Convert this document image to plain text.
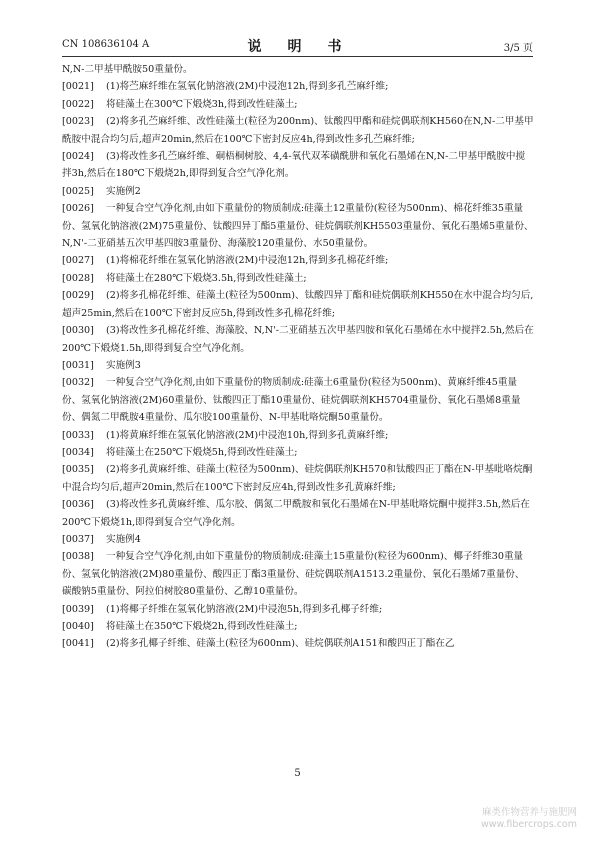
CN 108636104 A	说　明　书	3/5 页

N,N-二甲基甲酰胺50重量份。

[0021] (1)将苎麻纤维在氢氧化钠溶液(2M)中浸泡12h,得到多孔苎麻纤维;

[0022] 将硅藻土在300℃下煅烧3h,得到改性硅藻土;

[0023] (2)将多孔苎麻纤维、改性硅藻土(粒径为200nm)、钛酸四甲酯和硅烷偶联剂KH560在N,N-二甲基甲酰胺中混合均匀后,超声20min,然后在100℃下密封反应4h,得到改性多孔苎麻纤维;

[0024] (3)将改性多孔苎麻纤维、硐梧桐树胶、4,4-氧代双苯磺酰肼和氧化石墨烯在N,N-二甲基甲酰胺中搅拌3h,然后在180℃下煅烧2h,即得到复合空气净化剂。

[0025] 实施例2

[0026] 一种复合空气净化剂,由如下重量份的物质制成:硅藻土12重量份(粒径为500nm)、棉花纤维35重量份、氢氧化钠溶液(2M)75重量份、钛酸四异丁酯5重量份、硅烷偶联剂KH5503重量份、氧化石墨烯5重量份、N,N'-二亚硝基五次甲基四胺3重量份、海藻胶120重量份、水50重量份。

[0027] (1)将棉花纤维在氢氧化钠溶液(2M)中浸泡12h,得到多孔棉花纤维;

[0028] 将硅藻土在280℃下煅烧3.5h,得到改性硅藻土;

[0029] (2)将多孔棉花纤维、硅藻土(粒径为500nm)、钛酸四异丁酯和硅烷偶联剂KH550在水中混合均匀后,超声25min,然后在100℃下密封反应5h,得到改性多孔棉花纤维;

[0030] (3)将改性多孔棉花纤维、海藻胶、N,N'-二亚硝基五次甲基四胺和氧化石墨烯在水中搅拌2.5h,然后在200℃下煅烧1.5h,即得到复合空气净化剂。

[0031] 实施例3

[0032] 一种复合空气净化剂,由如下重量份的物质制成:硅藻土6重量份(粒径为500nm)、黄麻纤维45重量份、氢氧化钠溶液(2M)60重量份、钛酸四正丁酯10重量份、硅烷偶联剂KH5704重量份、氧化石墨烯8重量份、偶氮二甲酰胺4重量份、瓜尔胶100重量份、N-甲基吡咯烷酮50重量份。

[0033] (1)将黄麻纤维在氢氧化钠溶液(2M)中浸泡10h,得到多孔黄麻纤维;

[0034] 将硅藻土在250℃下煅烧5h,得到改性硅藻土;

[0035] (2)将多孔黄麻纤维、硅藻土(粒径为500nm)、硅烷偶联剂KH570和钛酸四正丁酯在N-甲基吡咯烷酮中混合均匀后,超声20min,然后在100℃下密封反应4h,得到改性多孔黄麻纤维;

[0036] (3)将改性多孔黄麻纤维、瓜尔胶、偶氮二甲酰胺和氧化石墨烯在N-甲基吡咯烷酮中搅拌3.5h,然后在200℃下煅烧1h,即得到复合空气净化剂。

[0037] 实施例4

[0038] 一种复合空气净化剂,由如下重量份的物质制成:硅藻土15重量份(粒径为600nm)、椰子纤维30重量份、氢氧化钠溶液(2M)80重量份、酸四正丁酯3重量份、硅烷偶联剂A1513.2重量份、氧化石墨烯7重量份、碳酸钠5重量份、阿拉伯树胶80重量份、乙醇10重量份。

[0039] (1)将椰子纤维在氢氧化钠溶液(2M)中浸泡5h,得到多孔椰子纤维;

[0040] 将硅藻土在350℃下煅烧2h,得到改性硅藻土;

[0041] (2)将多孔椰子纤维、硅藻土(粒径为600nm)、硅烷偶联剂A151和酸四正丁酯在乙

5
麻类作物营养与施肥网
www.fibercrops.com
